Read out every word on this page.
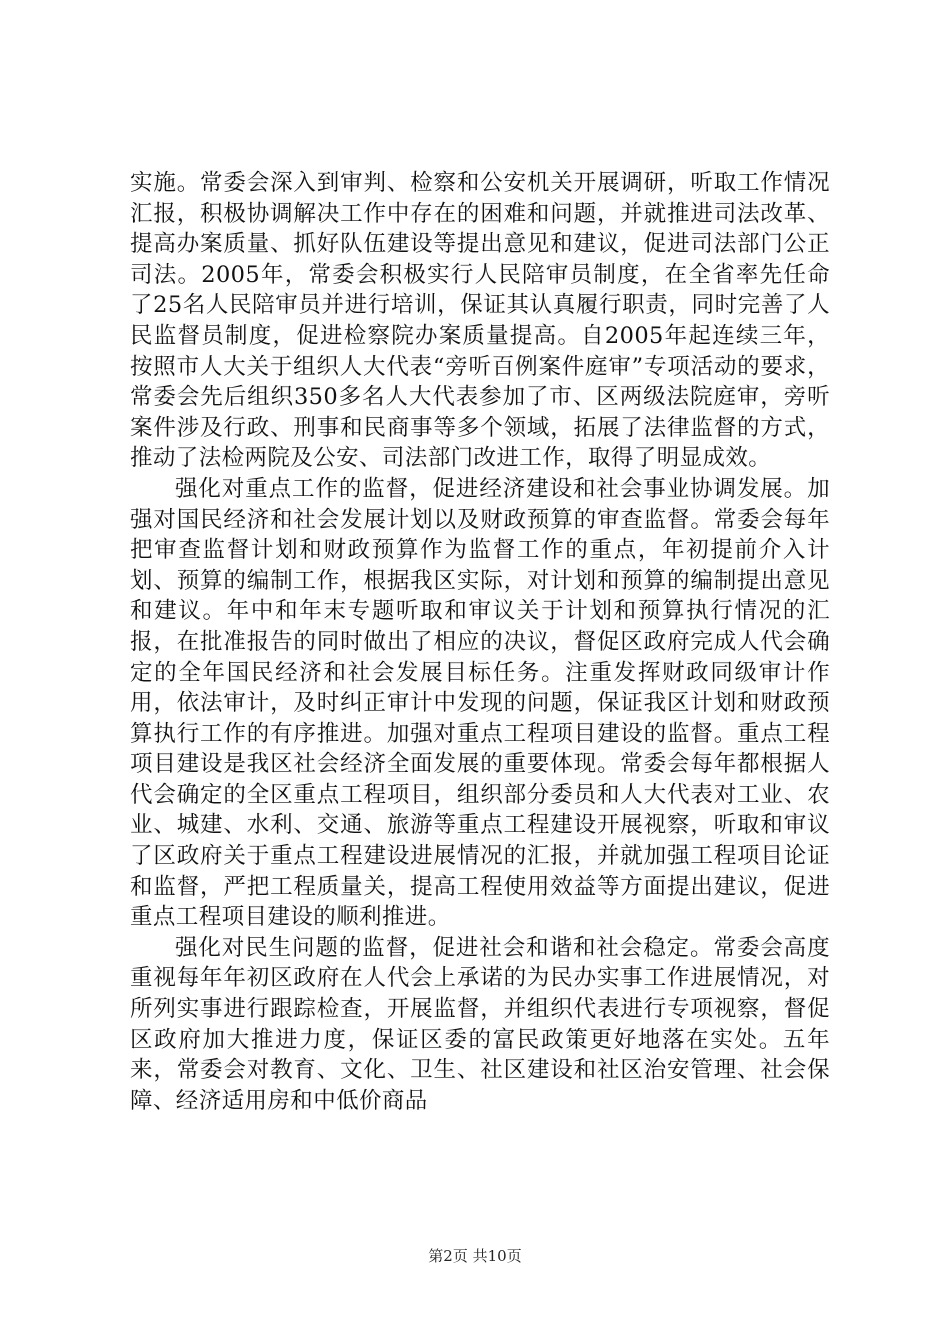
实施。常委会深入到审判、检察和公安机关开展调研，听取工作情况汇报，积极协调解决工作中存在的困难和问题，并就推进司法改革、提高办案质量、抓好队伍建设等提出意见和建议，促进司法部门公正司法。2005年，常委会积极实行人民陪审员制度，在全省率先任命了25名人民陪审员并进行培训，保证其认真履行职责，同时完善了人民监督员制度，促进检察院办案质量提高。自2005年起连续三年，按照市人大关于组织人大代表“旁听百例案件庭审”专项活动的要求，常委会先后组织350多名人大代表参加了市、区两级法院庭审，旁听案件涉及行政、刑事和民商事等多个领域，拓展了法律监督的方式，推动了法检两院及公安、司法部门改进工作，取得了明显成效。

强化对重点工作的监督，促进经济建设和社会事业协调发展。加强对国民经济和社会发展计划以及财政预算的审查监督。常委会每年把审查监督计划和财政预算作为监督工作的重点，年初提前介入计划、预算的编制工作，根据我区实际，对计划和预算的编制提出意见和建议。年中和年末专题听取和审议关于计划和预算执行情况的汇报，在批准报告的同时做出了相应的决议，督促区政府完成人代会确定的全年国民经济和社会发展目标任务。注重发挥财政同级审计作用，依法审计，及时纠正审计中发现的问题，保证我区计划和财政预算执行工作的有序推进。加强对重点工程项目建设的监督。重点工程项目建设是我区社会经济全面发展的重要体现。常委会每年都根据人代会确定的全区重点工程项目，组织部分委员和人大代表对工业、农业、城建、水利、交通、旅游等重点工程建设开展视察，听取和审议了区政府关于重点工程建设进展情况的汇报，并就加强工程项目论证和监督，严把工程质量关，提高工程使用效益等方面提出建议，促进重点工程项目建设的顺利推进。

强化对民生问题的监督，促进社会和谐和社会稳定。常委会高度重视每年年初区政府在人代会上承诺的为民办实事工作进展情况，对所列实事进行跟踪检查，开展监督，并组织代表进行专项视察，督促区政府加大推进力度，保证区委的富民政策更好地落在实处。五年来，常委会对教育、文化、卫生、社区建设和社区治安管理、社会保障、经济适用房和中低价商品

第2页 共10页
